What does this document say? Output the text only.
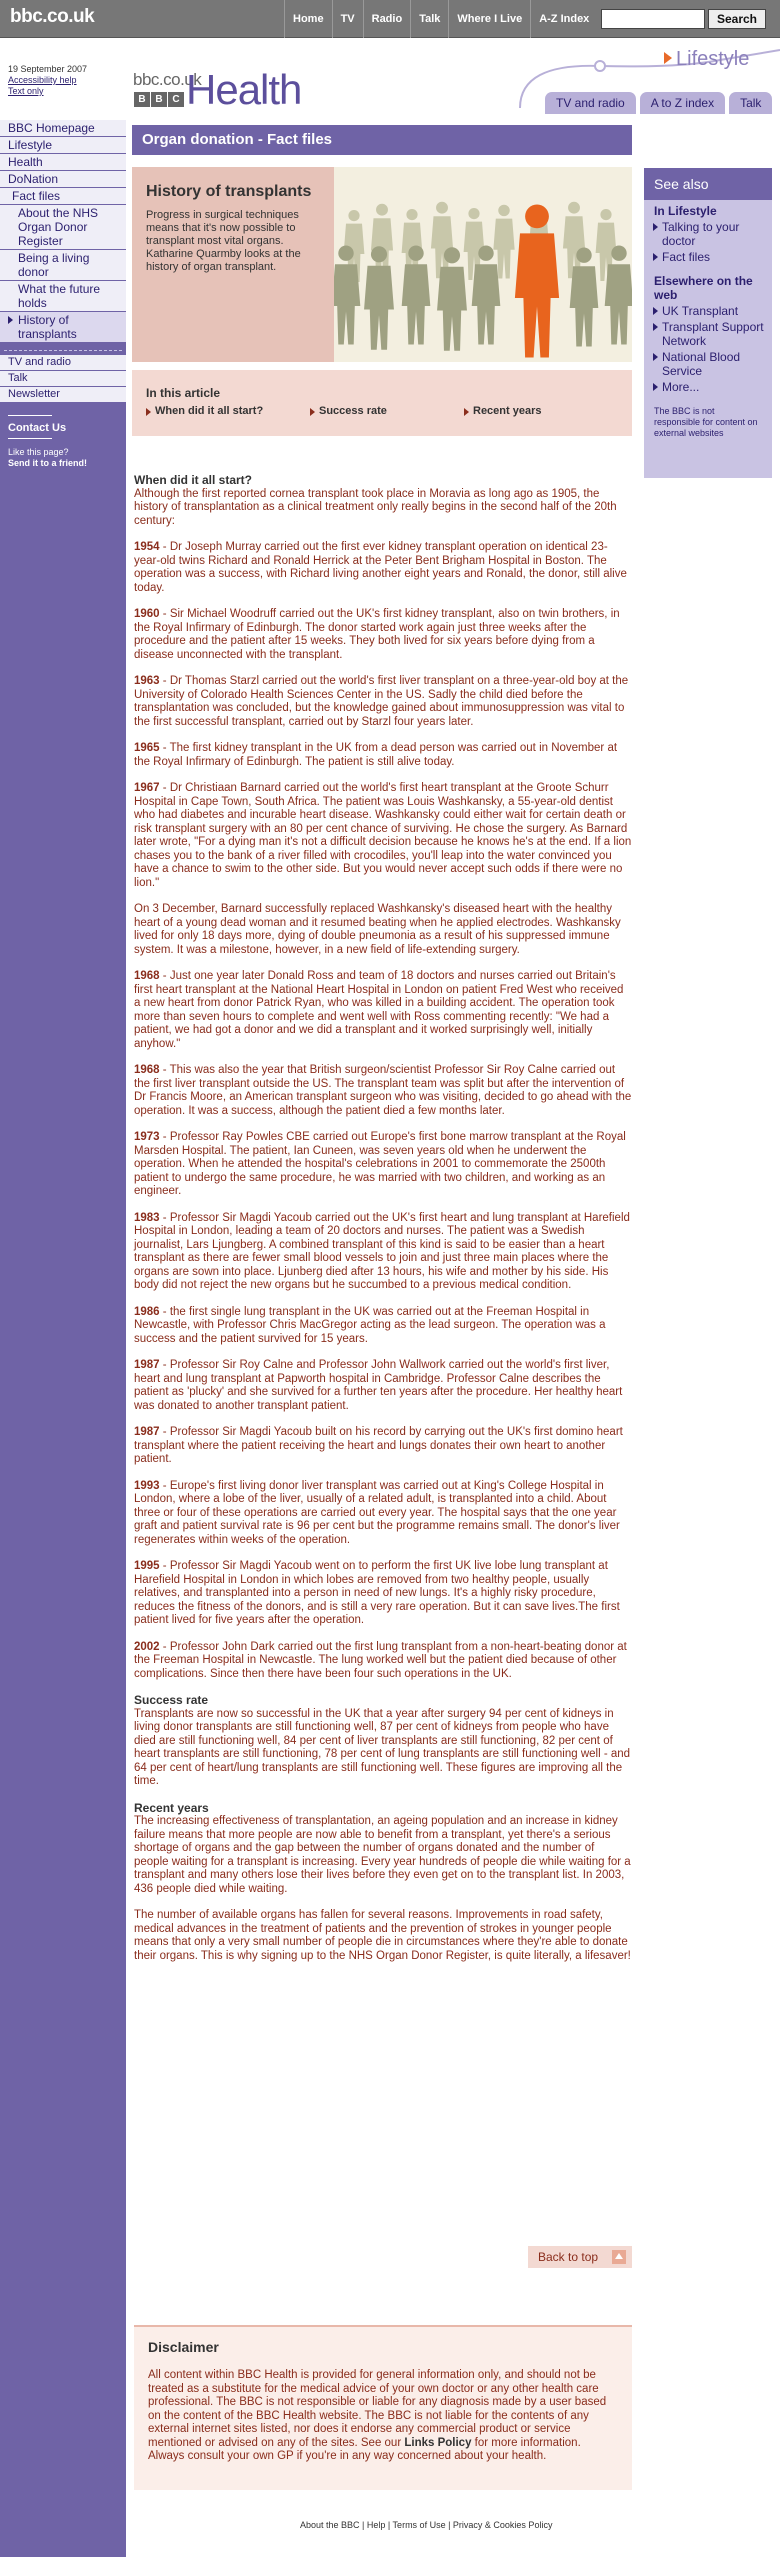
bbc.co.uk	Home	TV	Radio	Talk	Where I Live	A-Z Index	Search
19 September 2007
Accessibility help
Text only
bbc.co.uk
B B C Health
Lifestyle
TV and radio	A to Z index	Talk
BBC Homepage
Lifestyle
Health
DoNation
Fact files
About the NHS Organ Donor Register
Being a living donor
What the future holds
History of transplants
TV and radio
Talk
Newsletter
Contact Us
Like this page?

Send it to a friend!
Organ donation - Fact files
History of transplants

Progress in surgical techniques means that it's now possible to transplant most vital organs. Katharine Quarmby looks at the history of organ transplant.

In this article
When did it all start?	Success rate	Recent years
When did it all start?

Although the first reported cornea transplant took place in Moravia as long ago as 1905, the history of transplantation as a clinical treatment only really begins in the second half of the 20th century:

1954 - Dr Joseph Murray carried out the first ever kidney transplant operation on identical 23-year-old twins Richard and Ronald Herrick at the Peter Bent Brigham Hospital in Boston. The operation was a success, with Richard living another eight years and Ronald, the donor, still alive today.

1960 - Sir Michael Woodruff carried out the UK's first kidney transplant, also on twin brothers, in the Royal Infirmary of Edinburgh. The donor started work again just three weeks after the procedure and the patient after 15 weeks. They both lived for six years before dying from a disease unconnected with the transplant.

1963 - Dr Thomas Starzl carried out the world's first liver transplant on a three-year-old boy at the University of Colorado Health Sciences Center in the US. Sadly the child died before the transplantation was concluded, but the knowledge gained about immunosuppression was vital to the first successful transplant, carried out by Starzl four years later.

1965 - The first kidney transplant in the UK from a dead person was carried out in November at the Royal Infirmary of Edinburgh. The patient is still alive today.

1967 - Dr Christiaan Barnard carried out the world's first heart transplant at the Groote Schurr Hospital in Cape Town, South Africa. The patient was Louis Washkansky, a 55-year-old dentist who had diabetes and incurable heart disease. Washkansky could either wait for certain death or risk transplant surgery with an 80 per cent chance of surviving. He chose the surgery. As Barnard later wrote, "For a dying man it's not a difficult decision because he knows he's at the end. If a lion chases you to the bank of a river filled with crocodiles, you'll leap into the water convinced you have a chance to swim to the other side. But you would never accept such odds if there were no lion."

On 3 December, Barnard successfully replaced Washkansky's diseased heart with the healthy heart of a young dead woman and it resumed beating when he applied electrodes. Washkansky lived for only 18 days more, dying of double pneumonia as a result of his suppressed immune system. It was a milestone, however, in a new field of life-extending surgery.

1968 - Just one year later Donald Ross and team of 18 doctors and nurses carried out Britain's first heart transplant at the National Heart Hospital in London on patient Fred West who received a new heart from donor Patrick Ryan, who was killed in a building accident. The operation took more than seven hours to complete and went well with Ross commenting recently: "We had a patient, we had got a donor and we did a transplant and it worked surprisingly well, initially anyhow."

1968 - This was also the year that British surgeon/scientist Professor Sir Roy Calne carried out the first liver transplant outside the US. The transplant team was split but after the intervention of Dr Francis Moore, an American transplant surgeon who was visiting, decided to go ahead with the operation. It was a success, although the patient died a few months later.

1973 - Professor Ray Powles CBE carried out Europe's first bone marrow transplant at the Royal Marsden Hospital. The patient, Ian Cuneen, was seven years old when he underwent the operation. When he attended the hospital's celebrations in 2001 to commemorate the 2500th patient to undergo the same procedure, he was married with two children, and working as an engineer.

1983 - Professor Sir Magdi Yacoub carried out the UK's first heart and lung transplant at Harefield Hospital in London, leading a team of 20 doctors and nurses. The patient was a Swedish journalist, Lars Ljungberg. A combined transplant of this kind is said to be easier than a heart transplant as there are fewer small blood vessels to join and just three main places where the organs are sown into place. Ljunberg died after 13 hours, his wife and mother by his side. His body did not reject the new organs but he succumbed to a previous medical condition.

1986 - the first single lung transplant in the UK was carried out at the Freeman Hospital in Newcastle, with Professor Chris MacGregor acting as the lead surgeon. The operation was a success and the patient survived for 15 years.

1987 - Professor Sir Roy Calne and Professor John Wallwork carried out the world's first liver, heart and lung transplant at Papworth hospital in Cambridge. Professor Calne describes the patient as 'plucky' and she survived for a further ten years after the procedure. Her healthy heart was donated to another transplant patient.

1987 - Professor Sir Magdi Yacoub built on his record by carrying out the UK's first domino heart transplant where the patient receiving the heart and lungs donates their own heart to another patient.

1993 - Europe's first living donor liver transplant was carried out at King's College Hospital in London, where a lobe of the liver, usually of a related adult, is transplanted into a child. About three or four of these operations are carried out every year. The hospital says that the one year graft and patient survival rate is 96 per cent but the programme remains small. The donor's liver regenerates within weeks of the operation.

1995 - Professor Sir Magdi Yacoub went on to perform the first UK live lobe lung transplant at Harefield Hospital in London in which lobes are removed from two healthy people, usually relatives, and transplanted into a person in need of new lungs. It's a highly risky procedure, reduces the fitness of the donors, and is still a very rare operation. But it can save lives.The first patient lived for five years after the operation.

2002 - Professor John Dark carried out the first lung transplant from a non-heart-beating donor at the Freeman Hospital in Newcastle. The lung worked well but the patient died because of other complications. Since then there have been four such operations in the UK.

Success rate

Transplants are now so successful in the UK that a year after surgery 94 per cent of kidneys in living donor transplants are still functioning well, 87 per cent of kidneys from people who have died are still functioning well, 84 per cent of liver transplants are still functioning, 82 per cent of heart transplants are still functioning, 78 per cent of lung transplants are still functioning well - and 64 per cent of heart/lung transplants are still functioning well. These figures are improving all the time.

Recent years

The increasing effectiveness of transplantation, an ageing population and an increase in kidney failure means that more people are now able to benefit from a transplant, yet there's a serious shortage of organs and the gap between the number of organs donated and the number of people waiting for a transplant is increasing. Every year hundreds of people die while waiting for a transplant and many others lose their lives before they even get on to the transplant list. In 2003, 436 people died while waiting.

The number of available organs has fallen for several reasons. Improvements in road safety, medical advances in the treatment of patients and the prevention of strokes in younger people means that only a very small number of people die in circumstances where they're able to donate their organs. This is why signing up to the NHS Organ Donor Register, is quite literally, a lifesaver!

Back to top
Disclaimer

All content within BBC Health is provided for general information only, and should not be treated as a substitute for the medical advice of your own doctor or any other health care professional. The BBC is not responsible or liable for any diagnosis made by a user based on the content of the BBC Health website. The BBC is not liable for the contents of any external internet sites listed, nor does it endorse any commercial product or service mentioned or advised on any of the sites. See our Links Policy for more information. Always consult your own GP if you're in any way concerned about your health.

About the BBC | Help | Terms of Use | Privacy & Cookies Policy
See also
In Lifestyle
Talking to your doctor
Fact files
Elsewhere on the web
UK Transplant
Transplant Support Network
National Blood Service
More...
The BBC is not responsible for content on external websites
